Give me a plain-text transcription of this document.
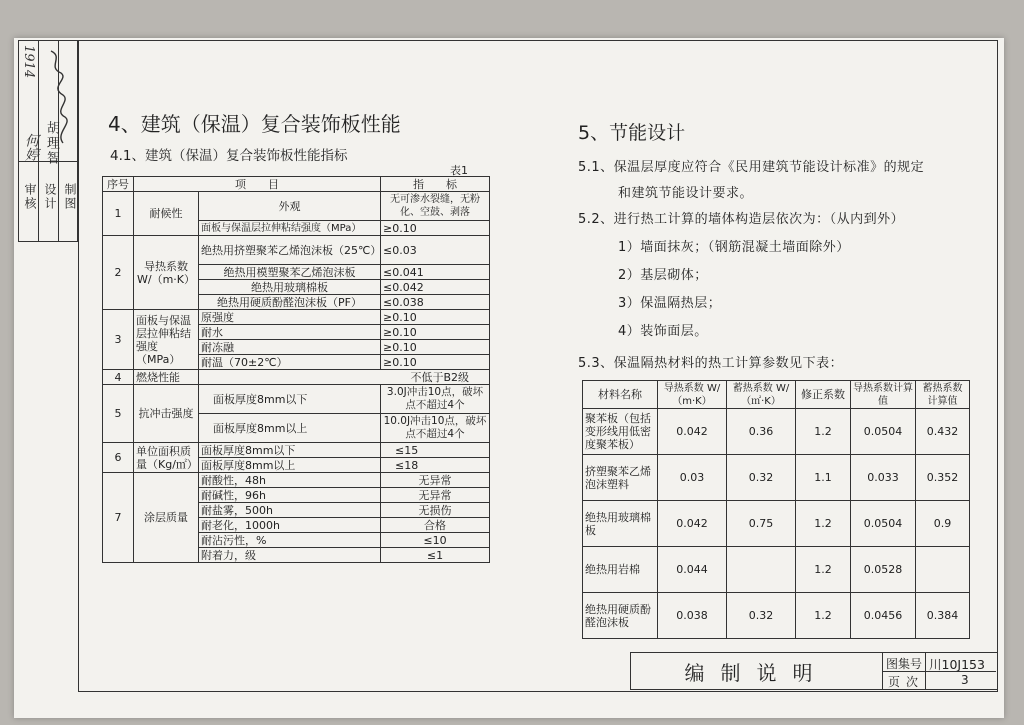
审核 设计
胡理智
制图
何婷
1914
4、建筑（保温）复合装饰板性能
4.1、建筑（保温）复合装饰板性能指标
表1
序号	项　　目		指　　标
1	耐候性	外观	无可渗水裂缝，无粉化、空鼓、剥落
		面板与保温层拉伸粘结强度（MPa）	≥0.10
2	导热系数 W/（m·K）	绝热用挤塑聚苯乙烯泡沫板（25℃）	≤0.03
		绝热用模塑聚苯乙烯泡沫板	≤0.041
		绝热用玻璃棉板	≤0.042
		绝热用硬质酚醛泡沫板（PF）	≤0.038
3	面板与保温层拉伸粘结强度（MPa）	原强度	≥0.10
		耐水	≥0.10
		耐冻融	≥0.10
		耐温（70±2℃）	≥0.10
4	燃烧性能	不低于B2级	
5	抗冲击强度	面板厚度8mm以下	3.0J冲击10点，破坏点不超过4个
		面板厚度8mm以上	10.0J冲击10点，破坏点不超过4个
6	单位面积质量（Kg/㎡）	面板厚度8mm以下	≤15
		面板厚度8mm以上	≤18
7	涂层质量	耐酸性，48h	无异常
		耐碱性，96h	无异常
		耐盐雾，500h	无损伤
		耐老化，1000h	合格
		耐沾污性，%	≤10
		附着力，级	≤1
5、节能设计
5.1、保温层厚度应符合《民用建筑节能设计标准》的规定
和建筑节能设计要求。
5.2、进行热工计算的墙体构造层依次为：（从内到外）
1）墙面抹灰；（钢筋混凝土墙面除外）
2）基层砌体；
3）保温隔热层；
4）装饰面层。
5.3、保温隔热材料的热工计算参数见下表：
材料名称	导热系数 W/（m·K）	蓄热系数 W/（㎡·K）	修正系数	导热系数计算值	蓄热系数计算值
聚苯板（包括变形线用低密度聚苯板）	0.042	0.36	1.2	0.0504	0.432
挤塑聚苯乙烯泡沫塑料	0.03	0.32	1.1	0.033	0.352
绝热用玻璃棉板	0.042	0.75	1.2	0.0504	0.9
绝热用岩棉	0.044		1.2	0.0528	
绝热用硬质酚醛泡沫板	0.038	0.32	1.2	0.0456	0.384
编制说明	图集号 川10J153
页次	3
